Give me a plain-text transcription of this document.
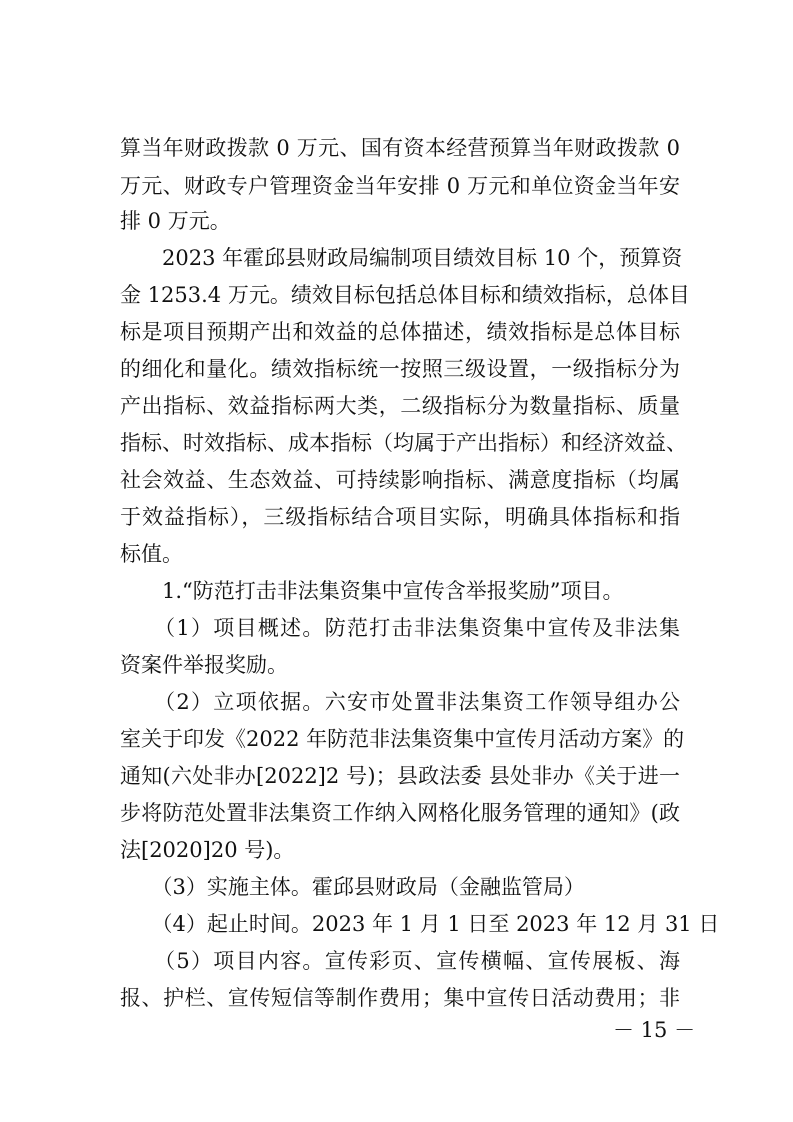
算当年财政拨款 0 万元、国有资本经营预算当年财政拨款 0
万元、财政专户管理资金当年安排 0 万元和单位资金当年安
排 0 万元。
　　2023 年霍邱县财政局编制项目绩效目标 10 个，预算资
金 1253.4 万元。绩效目标包括总体目标和绩效指标，总体目
标是项目预期产出和效益的总体描述，绩效指标是总体目标
的细化和量化。绩效指标统一按照三级设置，一级指标分为
产出指标、效益指标两大类，二级指标分为数量指标、质量
指标、时效指标、成本指标（均属于产出指标）和经济效益、
社会效益、生态效益、可持续影响指标、满意度指标（均属
于效益指标），三级指标结合项目实际，明确具体指标和指
标值。
　　1.“防范打击非法集资集中宣传含举报奖励”项目。
　　（1）项目概述。防范打击非法集资集中宣传及非法集
资案件举报奖励。
　　（2）立项依据。六安市处置非法集资工作领导组办公
室关于印发《2022 年防范非法集资集中宣传月活动方案》的
通知(六处非办[2022]2 号)；县政法委 县处非办《关于进一
步将防范处置非法集资工作纳入网格化服务管理的通知》(政
法[2020]20 号)。
　　（3）实施主体。霍邱县财政局（金融监管局）
　　（4）起止时间。2023 年 1 月 1 日至 2023 年 12 月 31 日
　　（5）项目内容。宣传彩页、宣传横幅、宣传展板、海
报、护栏、宣传短信等制作费用；集中宣传日活动费用；非
－ 15 －
